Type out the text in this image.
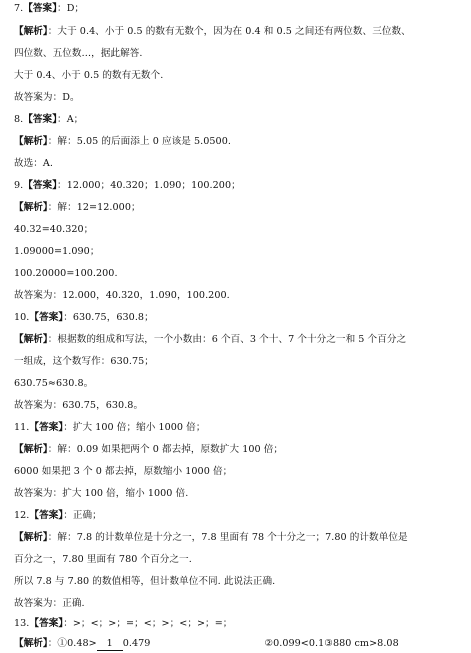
7.【答案】：D；
【解析】：大于 0.4、小于 0.5 的数有无数个，因为在 0.4 和 0.5 之间还有两位数、三位数、
四位数、五位数…，据此解答.
大于 0.4、小于 0.5 的数有无数个.
故答案为：D。
8.【答案】：A；
【解析】：解：5.05 的后面添上 0 应该是 5.0500.
故选：A.
9.【答案】：12.000；40.320；1.090；100.200；
【解析】：解：12=12.000；
40.32=40.320；
1.09000=1.090；
100.20000=100.200.
故答案为：12.000，40.320，1.090，100.200.
10.【答案】：630.75，630.8；
【解析】：根据数的组成和写法，一个小数由：6 个百、3 个十、7 个十分之一和 5 个百分之
一组成，这个数写作：630.75；
630.75≈630.8。
故答案为：630.75，630.8。
11.【答案】：扩大 100 倍；缩小 1000 倍；
【解析】：解：0.09 如果把两个 0 都去掉，原数扩大 100 倍；
6000 如果把 3 个 0 都去掉，原数缩小 1000 倍；
故答案为：扩大 100 倍，缩小 1000 倍.
12.【答案】：正确；
【解析】：解：7.8 的计数单位是十分之一，7.8 里面有 78 个十分之一；7.80 的计数单位是
百分之一，7.80 里面有 780 个百分之一.
所以 7.8 与 7.80 的数值相等，但计数单位不同. 此说法正确.
故答案为：正确.
13.【答案】：>；<；>；=；<；>；<；>；=；
【解析】：①0.48> 1 0.479	②0.099<0.1③880 cm>8.08
